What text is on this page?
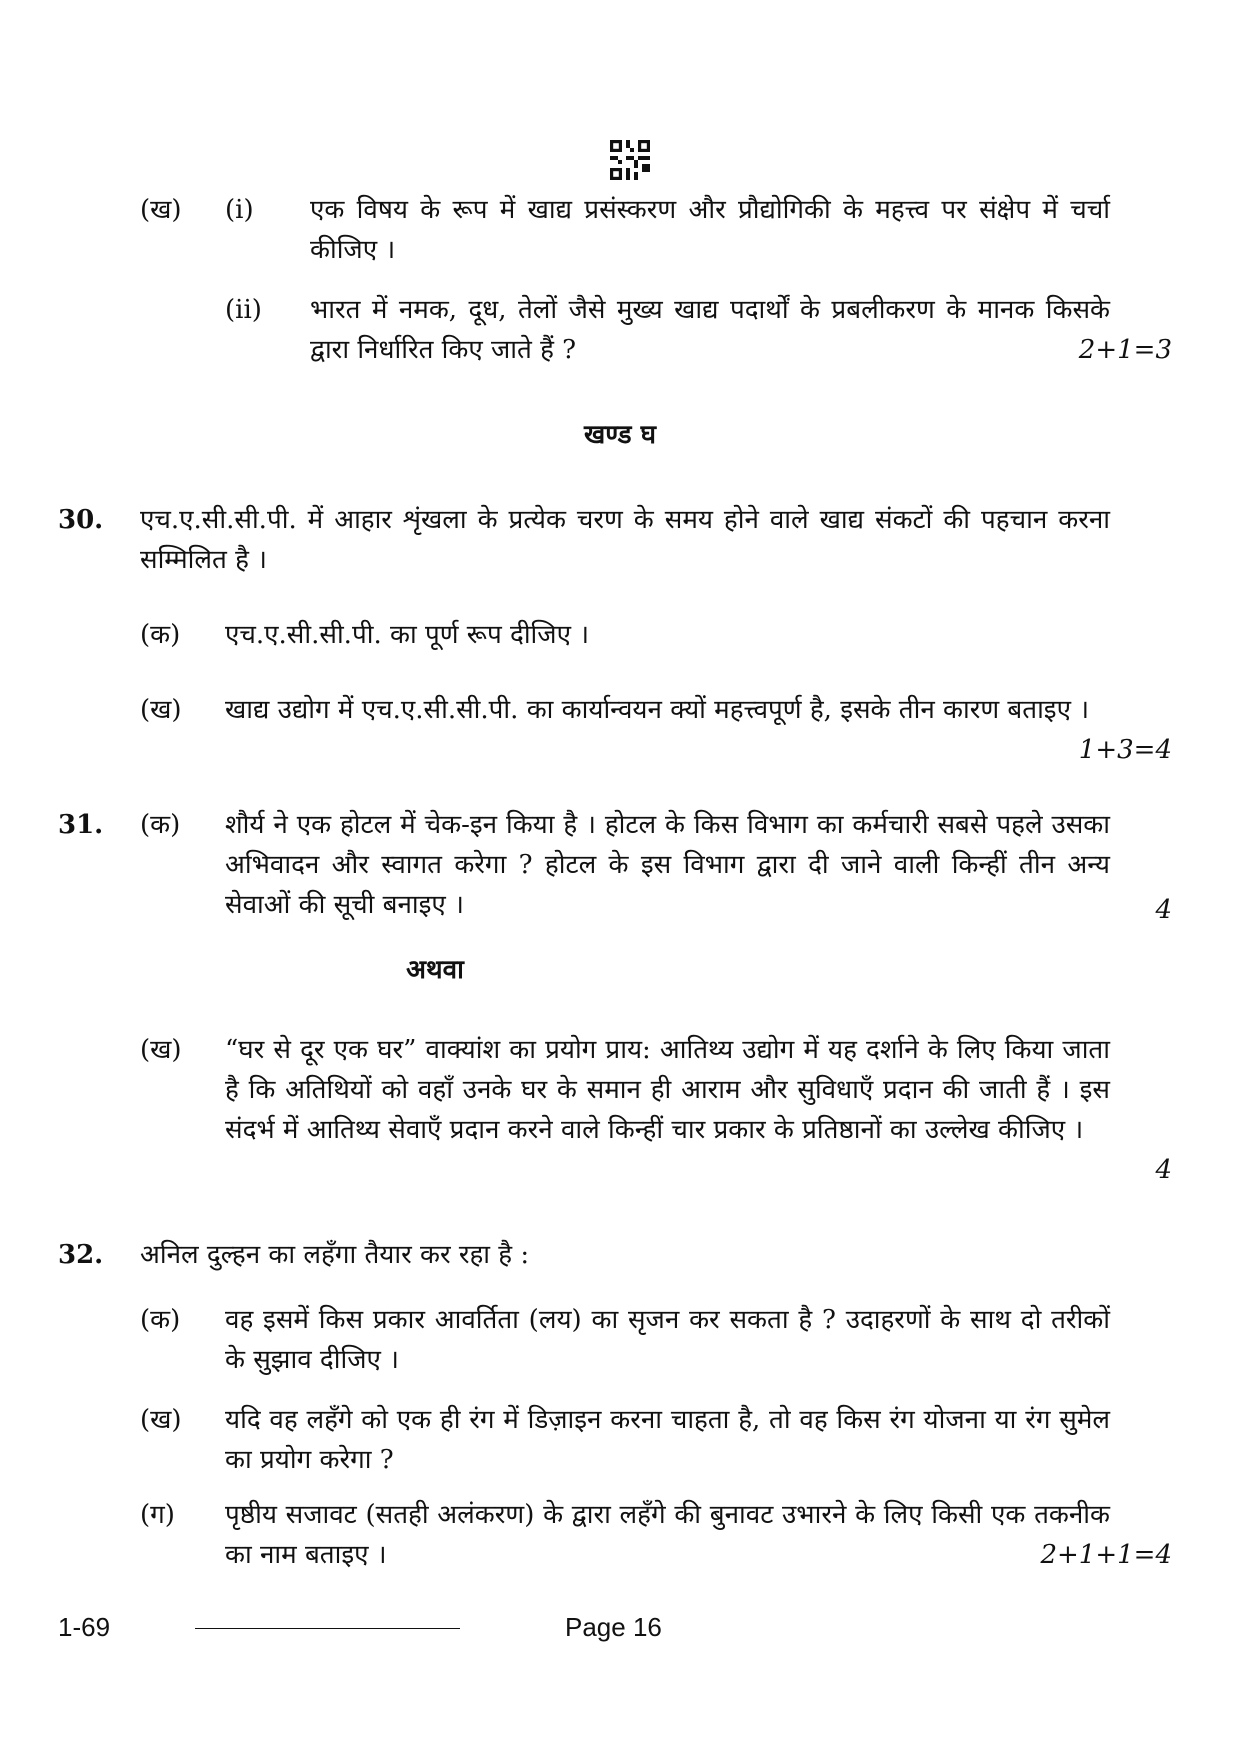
(ख) (i) एक विषय के रूप में खाद्य प्रसंस्करण और प्रौद्योगिकी के महत्त्व पर संक्षेप में चर्चा कीजिए ।
(ii) भारत में नमक, दूध, तेलों जैसे मुख्य खाद्य पदार्थों के प्रबलीकरण के मानक किसके द्वारा निर्धारित किए जाते हैं ?	2+1=3
खण्ड घ
30. एच.ए.सी.सी.पी. में आहार शृंखला के प्रत्येक चरण के समय होने वाले खाद्य संकटों की पहचान करना सम्मिलित है ।
(क) एच.ए.सी.सी.पी. का पूर्ण रूप दीजिए ।
(ख) खाद्य उद्योग में एच.ए.सी.सी.पी. का कार्यान्वयन क्यों महत्त्वपूर्ण है, इसके तीन कारण बताइए ।
1+3=4
31. (क) शौर्य ने एक होटल में चेक-इन किया है । होटल के किस विभाग का कर्मचारी सबसे पहले उसका अभिवादन और स्वागत करेगा ? होटल के इस विभाग द्वारा दी जाने वाली किन्हीं तीन अन्य सेवाओं की सूची बनाइए ।	4
अथवा
(ख) “घर से दूर एक घर” वाक्यांश का प्रयोग प्राय: आतिथ्य उद्योग में यह दर्शाने के लिए किया जाता है कि अतिथियों को वहाँ उनके घर के समान ही आराम और सुविधाएँ प्रदान की जाती हैं । इस संदर्भ में आतिथ्य सेवाएँ प्रदान करने वाले किन्हीं चार प्रकार के प्रतिष्ठानों का उल्लेख कीजिए ।
4
32. अनिल दुल्हन का लहँगा तैयार कर रहा है :
(क) वह इसमें किस प्रकार आवर्तिता (लय) का सृजन कर सकता है ? उदाहरणों के साथ दो तरीकों के सुझाव दीजिए ।
(ख) यदि वह लहँगे को एक ही रंग में डिज़ाइन करना चाहता है, तो वह किस रंग योजना या रंग सुमेल का प्रयोग करेगा ?
(ग) पृष्ठीय सजावट (सतही अलंकरण) के द्वारा लहँगे की बुनावट उभारने के लिए किसी एक तकनीक का नाम बताइए ।	2+1+1=4
1-69	Page 16
